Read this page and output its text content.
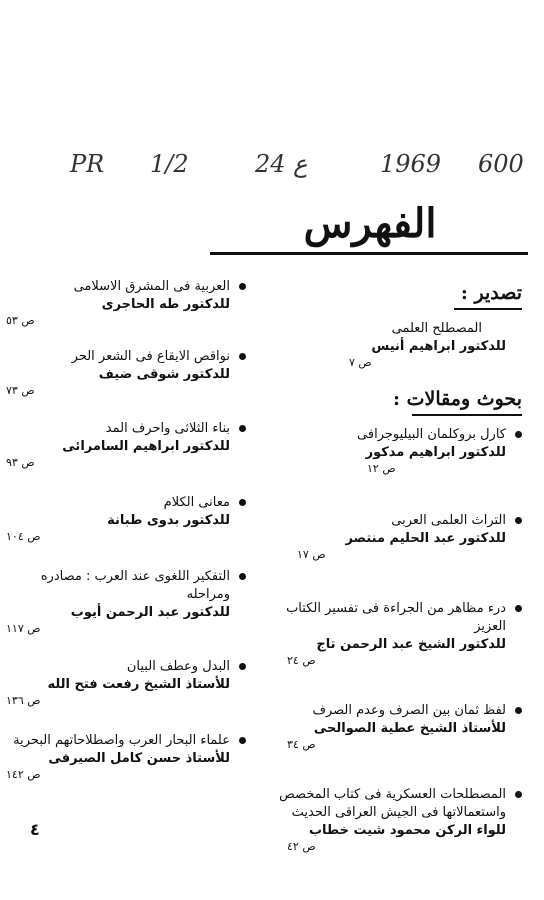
PR 1/2	24 ع	1969 600
الفهرس
تصدير :
المصطلح العلمى
للدكتور ابراهيم أنيس
ص ٧
بحوث ومقالات :
كارل بروكلمان البيليوجرافى
للدكتور ابراهيم مدكور
ص ١٢
التراث العلمى العربى
للدكتور عبد الحليم منتصر
ص ١٧
درء مظاهر من الجراءة فى تفسير الكتاب العزيز
للدكتور الشيخ عبد الرحمن تاج
ص ٢٤
لفظ ثمان بين الصرف وعدم الصرف
للأستاذ الشيخ عطية الصوالحى
ص ٣٤
المصطلحات العسكرية فى كتاب المخصص واستعمالاتها فى الجيش العراقى الحديث
للواء الركن محمود شيت خطاب
ص ٤٢
العربية فى المشرق الاسلامى
للدكتور طه الحاجرى
ص ٥٣
نواقص الايقاع فى الشعر الحر
للدكتور شوقى ضيف
ص ٧٣
بناء الثلاثى واحرف المد
للدكتور ابراهيم السامرائى
ص ٩٣
معانى الكلام
للدكتور بدوى طبانة
ص ١٠٤
التفكير اللغوى عند العرب : مصادره ومراحله
للدكتور عبد الرحمن أيوب
ص ١١٧
البدل وعطف البيان
للأستاذ الشيخ رفعت فتح الله
ص ١٣٦
علماء البحار العرب واصطلاحاتهم البحرية
للأستاذ حسن كامل الصيرفى
ص ١٤٢
٤
